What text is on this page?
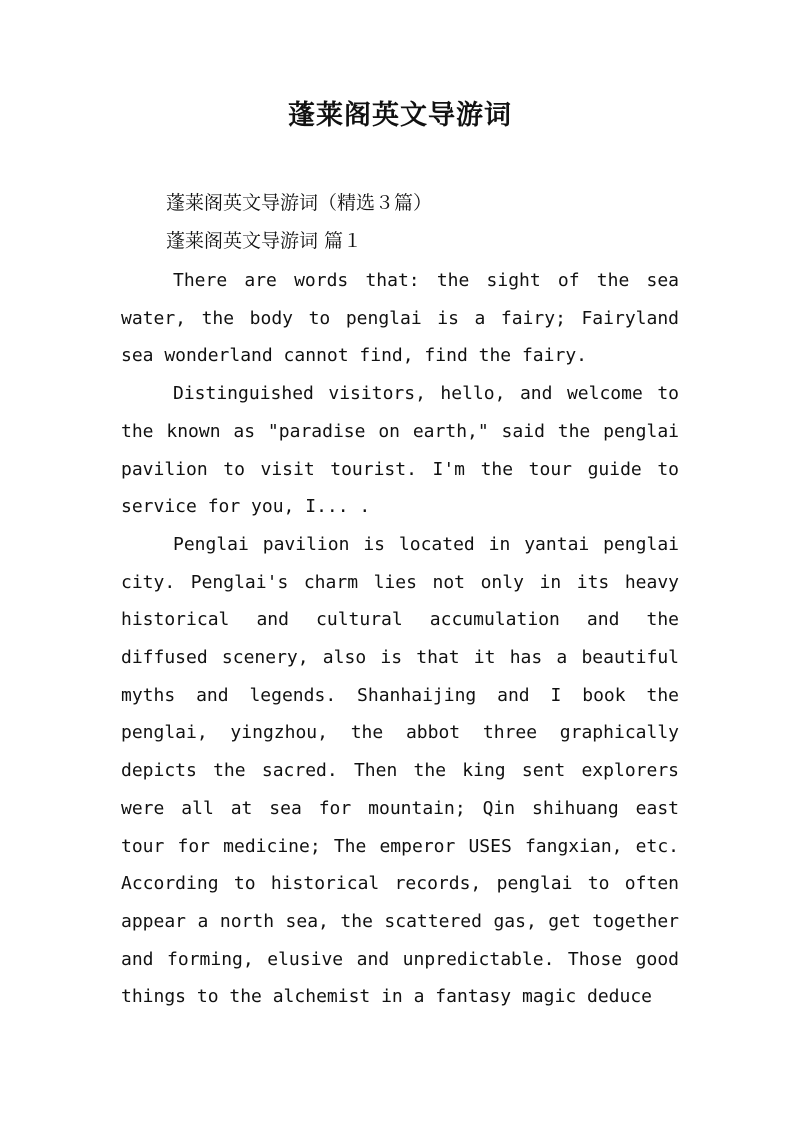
蓬莱阁英文导游词
蓬莱阁英文导游词（精选３篇）
蓬莱阁英文导游词 篇１

There are words that: the sight of the sea water, the body to penglai is a fairy; Fairyland sea wonderland cannot find, find the fairy.

Distinguished visitors, hello, and welcome to the known as "paradise on earth," said the penglai pavilion to visit tourist. I'm the tour guide to service for you, I... .

Penglai pavilion is located in yantai penglai city. Penglai's charm lies not only in its heavy historical and cultural accumulation and the diffused scenery, also is that it has a beautiful myths and legends. Shanhaijing and I book the penglai, yingzhou, the abbot three graphically depicts the sacred. Then the king sent explorers were all at sea for mountain; Qin shihuang east tour for medicine; The emperor USES fangxian, etc. According to historical records, penglai to often appear a north sea, the scattered gas, get together and forming, elusive and unpredictable. Those good things to the alchemist in a fantasy magic deduce
